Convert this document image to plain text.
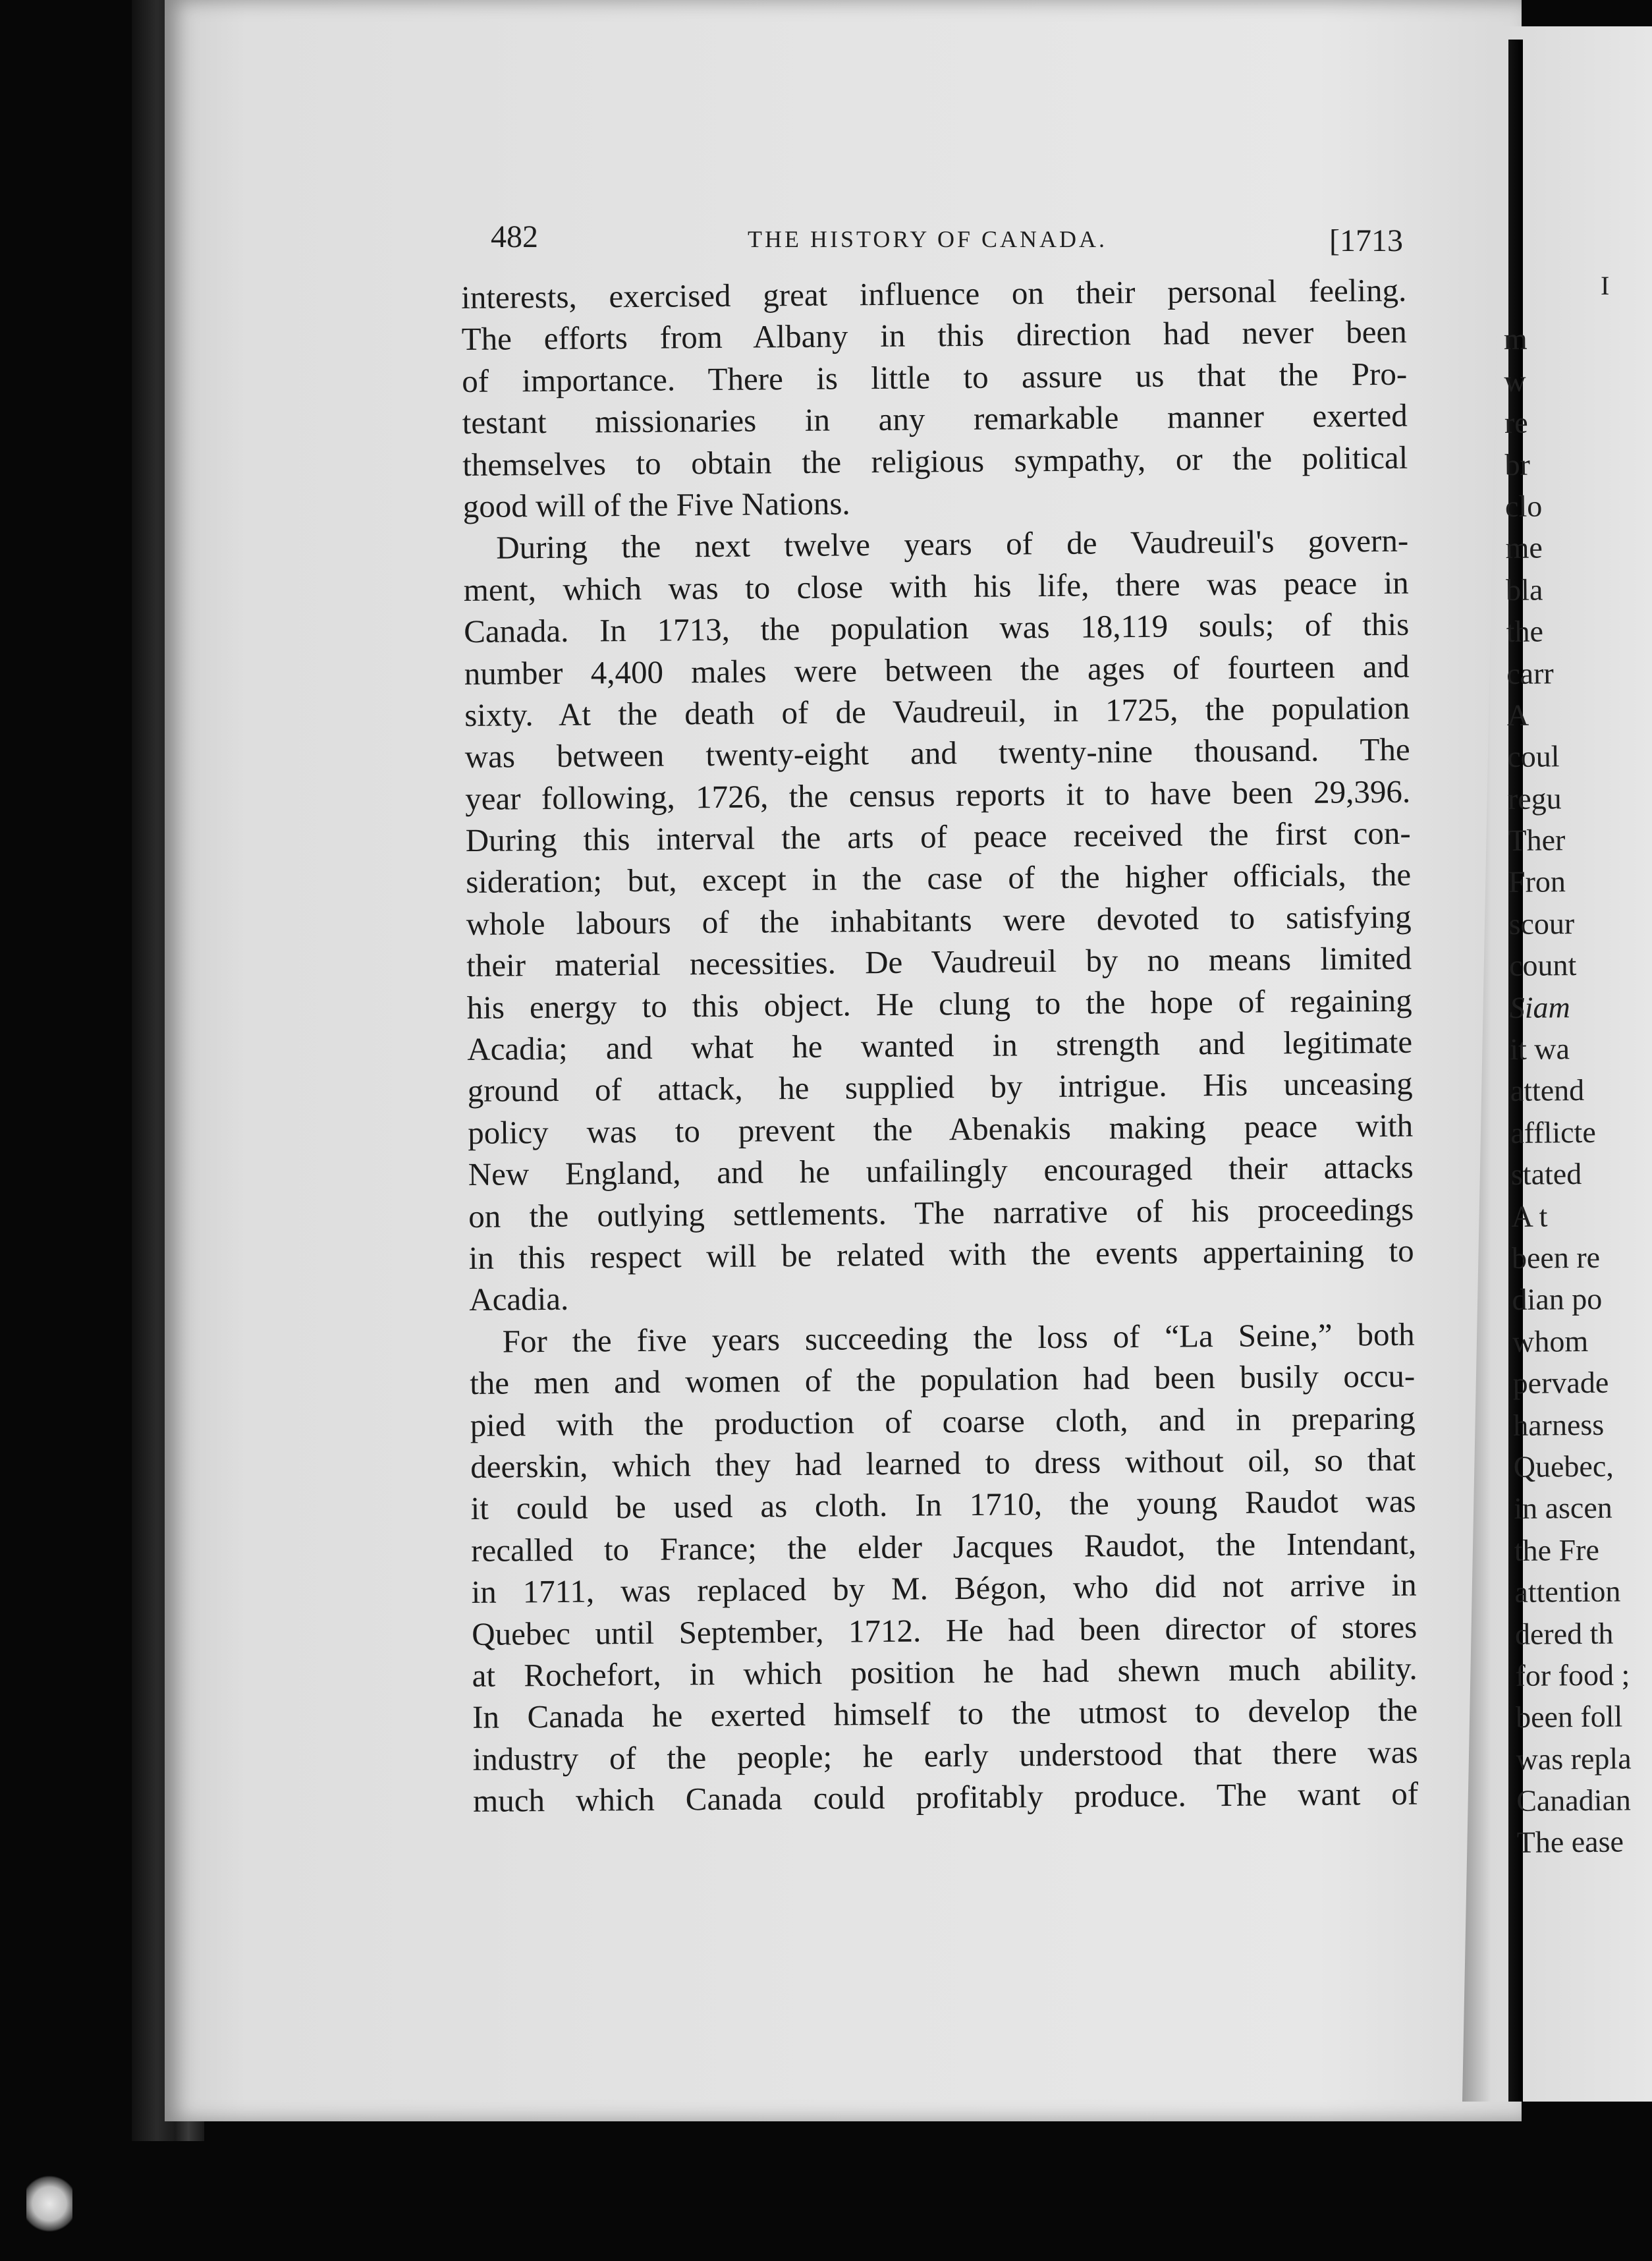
482	THE HISTORY OF CANADA.	[1713
interests, exercised great influence on their personal feeling.
The efforts from Albany in this direction had never been
of importance. There is little to assure us that the Pro-
testant missionaries in any remarkable manner exerted
themselves to obtain the religious sympathy, or the political
good will of the Five Nations.
During the next twelve years of de Vaudreuil's govern-
ment, which was to close with his life, there was peace in
Canada. In 1713, the population was 18,119 souls; of this
number 4,400 males were between the ages of fourteen and
sixty. At the death of de Vaudreuil, in 1725, the population
was between twenty-eight and twenty-nine thousand. The
year following, 1726, the census reports it to have been 29,396.
During this interval the arts of peace received the first con-
sideration; but, except in the case of the higher officials, the
whole labours of the inhabitants were devoted to satisfying
their material necessities. De Vaudreuil by no means limited
his energy to this object. He clung to the hope of regaining
Acadia; and what he wanted in strength and legitimate
ground of attack, he supplied by intrigue. His unceasing
policy was to prevent the Abenakis making peace with
New England, and he unfailingly encouraged their attacks
on the outlying settlements. The narrative of his proceedings
in this respect will be related with the events appertaining to
Acadia.
For the five years succeeding the loss of “La Seine,” both
the men and women of the population had been busily occu-
pied with the production of coarse cloth, and in preparing
deerskin, which they had learned to dress without oil, so that
it could be used as cloth. In 1710, the young Raudot was
recalled to France; the elder Jacques Raudot, the Intendant,
in 1711, was replaced by M. Bégon, who did not arrive in
Quebec until September, 1712. He had been director of stores
at Rochefort, in which position he had shewn much ability.
In Canada he exerted himself to the utmost to develop the
industry of the people; he early understood that there was
much which Canada could profitably produce. The want of
I
m
w
re
br
clo
me
bla
the
carr
A
coul
regu
Ther
Fron
scour
count
Siam
it wa
attend
afflicte
stated
A t
been re
dian po
whom
pervade
harness
Quebec,
in ascen
the Fre
attention
dered th
for food ;
been foll
was repla
Canadian
The ease
